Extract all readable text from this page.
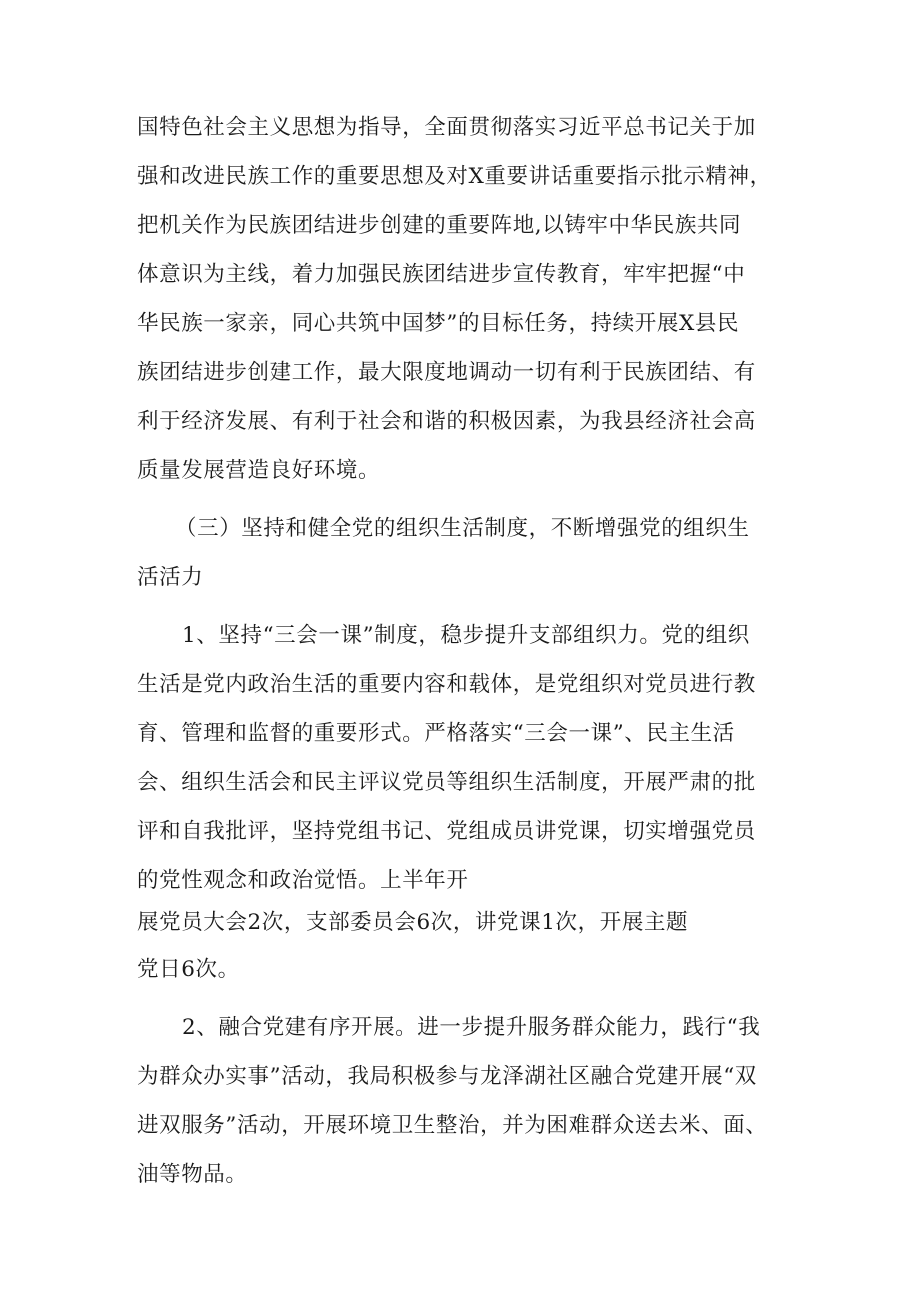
国特色社会主义思想为指导，全面贯彻落实习近平总书记关于加
强和改进民族工作的重要思想及对X重要讲话重要指示批示精神，
把机关作为民族团结进步创建的重要阵地,以铸牢中华民族共同
体意识为主线，着力加强民族团结进步宣传教育，牢牢把握“中
华民族一家亲，同心共筑中国梦”的目标任务，持续开展X县民
族团结进步创建工作，最大限度地调动一切有利于民族团结、有
利于经济发展、有利于社会和谐的积极因素，为我县经济社会高
质量发展营造良好环境。
（三）坚持和健全党的组织生活制度，不断增强党的组织生
活活力
1、坚持“三会一课”制度，稳步提升支部组织力。党的组织
生活是党内政治生活的重要内容和载体，是党组织对党员进行教
育、管理和监督的重要形式。严格落实“三会一课”、民主生活
会、组织生活会和民主评议党员等组织生活制度，开展严肃的批
评和自我批评，坚持党组书记、党组成员讲党课，切实增强党员
的党性观念和政治觉悟。上半年开
展党员大会2次，支部委员会6次，讲党课1次，开展主题
党日6次。
2、融合党建有序开展。进一步提升服务群众能力，践行“我
为群众办实事”活动，我局积极参与龙泽湖社区融合党建开展“双
进双服务”活动，开展环境卫生整治，并为困难群众送去米、面、
油等物品。
